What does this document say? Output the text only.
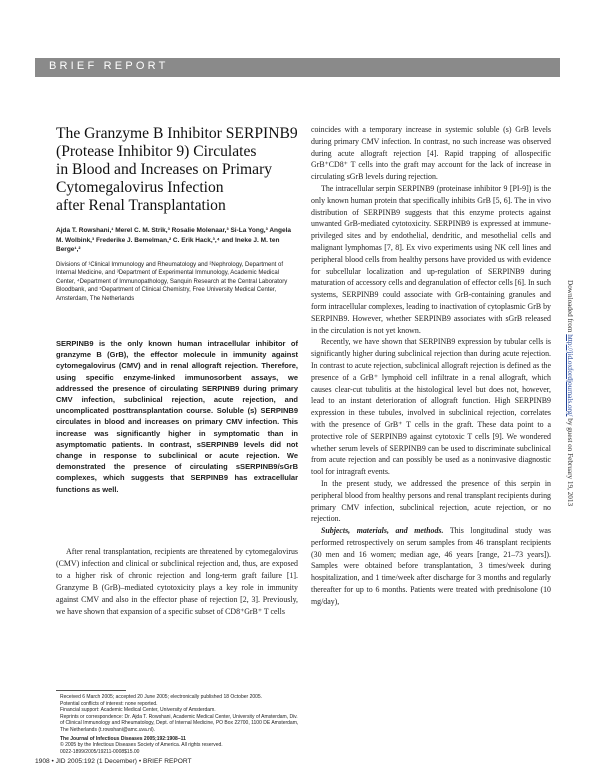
BRIEF REPORT
The Granzyme B Inhibitor SERPINB9
(Protease Inhibitor 9) Circulates
in Blood and Increases on Primary
Cytomegalovirus Infection
after Renal Transplantation
Ajda T. Rowshani,¹ Merel C. M. Strik,³ Rosalie Molenaar,³ Si-La Yong,³ Angela M. Wolbink,³ Frederike J. Bemelman,² C. Erik Hack,³,⁴ and Ineke J. M. ten Berge¹,²
Divisions of ¹Clinical Immunology and Rheumatology and ²Nephrology, Department of Internal Medicine, and ³Department of Experimental Immunology, Academic Medical Center, ⁴Department of Immunopathology, Sanquin Research at the Central Laboratory Bloodbank, and ⁵Department of Clinical Chemistry, Free University Medical Center, Amsterdam, The Netherlands

SERPINB9 is the only known human intracellular inhibitor of granzyme B (GrB), the effector molecule in immunity against cytomegalovirus (CMV) and in renal allograft rejection. Therefore, using specific enzyme-linked immunosorbent assays, we addressed the presence of circulating SERPINB9 during primary CMV infection, subclinical rejection, acute rejection, and uncomplicated posttransplantation course. Soluble (s) SERPINB9 circulates in blood and increases on primary CMV infection. This increase was significantly higher in symptomatic than in asymptomatic patients. In contrast, sSERPINB9 levels did not change in response to subclinical or acute rejection. We demonstrated the presence of circulating sSERPINB9/sGrB complexes, which suggests that SERPINB9 has extracellular functions as well.

After renal transplantation, recipients are threatened by cytomegalovirus (CMV) infection and clinical or subclinical rejection and, thus, are exposed to a higher risk of chronic rejection and long-term graft failure [1]. Granzyme B (GrB)–mediated cytotoxicity plays a key role in immunity against CMV and also in the effector phase of rejection [2, 3]. Previously, we have shown that expansion of a specific subset of CD8⁺GrB⁺ T cells

Received 6 March 2005; accepted 20 June 2005; electronically published 18 October 2005.
Potential conflicts of interest: none reported.
Financial support: Academic Medical Center, University of Amsterdam.
Reprints or correspondence: Dr. Ajda T. Rowshani, Academic Medical Center, University of Amsterdam, Div. of Clinical Immunology and Rheumatology, Dept. of Internal Medicine, PO Box 22700, 1100 DE Amsterdam, The Netherlands (t.rowshani@amc.uva.nl).
The Journal of Infectious Diseases 2005;192:1908–11
© 2005 by the Infectious Diseases Society of America. All rights reserved.
0022-1899/2005/19211-0008$15.00

coincides with a temporary increase in systemic soluble (s) GrB levels during primary CMV infection. In contrast, no such increase was observed during acute allograft rejection [4]. Rapid trapping of allospecific GrB⁺CD8⁺ T cells into the graft may account for the lack of increase in circulating sGrB levels during rejection.

The intracellular serpin SERPINB9 (proteinase inhibitor 9 [PI-9]) is the only known human protein that specifically inhibits GrB [5, 6]. The in vivo distribution of SERPINB9 suggests that this enzyme protects against unwanted GrB-mediated cytotoxicity. SERPINB9 is expressed at immune-privileged sites and by endothelial, dendritic, and mesothelial cells and malignant lymphomas [7, 8]. Ex vivo experiments using NK cell lines and peripheral blood cells from healthy persons have provided us with evidence for subcellular localization and up-regulation of SERPINB9 during maturation of accessory cells and degranulation of effector cells [6]. In such systems, SERPINB9 could associate with GrB-containing granules and form intracellular complexes, leading to inactivation of cytoplasmic GrB by SERPINB9. However, whether SERPINB9 associates with sGrB released in the circulation is not yet known.

Recently, we have shown that SERPINB9 expression by tubular cells is significantly higher during subclinical rejection than during acute rejection. In contrast to acute rejection, subclinical allograft rejection is defined as the presence of a GrB⁺ lymphoid cell infiltrate in a renal allograft, which causes clear-cut tubulitis at the histological level but does not, however, lead to an instant deterioration of allograft function. High SERPINB9 expression in these tubules, involved in subclinical rejection, correlates with the presence of GrB⁺ T cells in the graft. These data point to a protective role of SERPINB9 against cytotoxic T cells [9]. We wondered whether serum levels of SERPINB9 can be used to discriminate subclinical from acute rejection and can possibly be used as a noninvasive diagnostic tool for intragraft events.

In the present study, we addressed the presence of this serpin in peripheral blood from healthy persons and renal transplant recipients during primary CMV infection, subclinical rejection, acute rejection, or no rejection.

Subjects, materials, and methods. This longitudinal study was performed retrospectively on serum samples from 46 transplant recipients (30 men and 16 women; median age, 46 years [range, 21–73 years]). Samples were obtained before transplantation, 3 times/week during hospitalization, and 1 time/week after discharge for 3 months and regularly thereafter for up to 6 months. Patients were treated with prednisolone (10 mg/day),

Downloaded from http://jid.oxfordjournals.org/ by guest on February 19, 2013
1908 • JID 2005:192 (1 December) • BRIEF REPORT
